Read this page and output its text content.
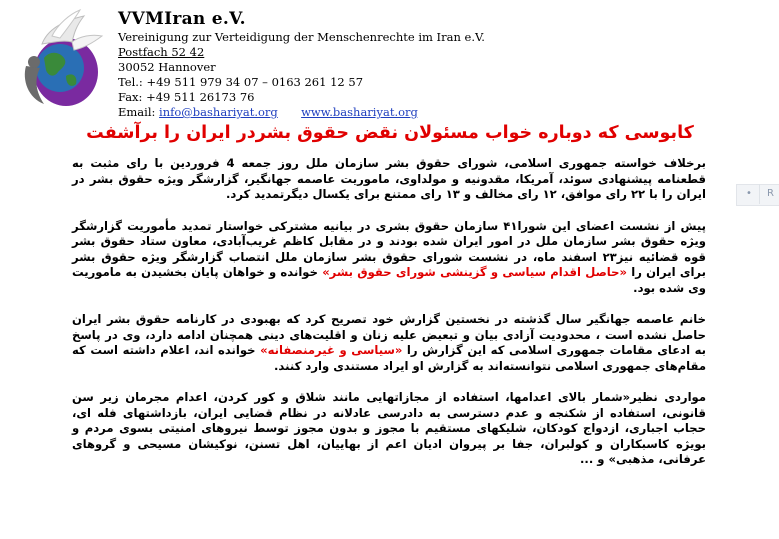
VVMIran e.V.
Vereinigung zur Verteidigung der Menschenrechte im Iran e.V.
Postfach 52 42
30052 Hannover
Tel.: +49 511 979 34 07 – 0163 261 12 57
Fax: +49 511 26173 76
Email: info@bashariyat.org www.bashariyat.org
کابوسی که دوباره خواب مسئولان نقض حقوق بشردر ایران را برآشفت

برخلاف خواسته جمهوری اسلامی، شورای حقوق بشر سازمان ملل روز جمعه 4 فروردین با رای مثبت به قطعنامه پیشنهادی سوئد، آمریکا، مقدونیه و مولداوی، ماموریت عاصمه جهانگیر، گزارشگر ویژه حقوق بشر در ایران را با ۲۲ رای موافق، ۱۲ رای مخالف و ۱۳ رای ممتنع برای یکسال دیگرتمدید کرد.

پیش از نشست اعضای این شورا۴۱ سازمان حقوق بشری در بیانیه مشترکی خواستار تمدید مأموریت گزارشگر ویژه حقوق بشر سازمان ملل در امور ایران شده بودند و در مقابل کاظم غریب‌آبادی، معاون ستاد حقوق بشر قوه قضائیه نیز۲۳ اسفند ماه، در نشست شورای حقوق بشر سازمان ملل انتصاب گزارشگر ویژه حقوق بشر برای ایران را «حاصل اقدام سیاسی و گزینشی شورای حقوق بشر» خوانده و خواهان پایان بخشیدن به ماموریت وی شده بود.

خانم عاصمه جهانگیر سال گذشته در نخستین گزارش خود تصریح کرد که بهبودی در کارنامه حقوق بشر ایران حاصل نشده است ، محدودیت آزادی بیان و تبعیض علیه زنان و اقلیت‌های دینی همچنان ادامه دارد، وی در پاسخ به ادعای مقامات جمهوری اسلامی که این گزارش را «سیاسی و غیرمنصفانه» خوانده اند، اعلام داشته است که مقام‌های جمهوری اسلامی نتوانسته‌اند به گزارش او ایراد مستندی وارد کنند.

مواردی نظیر«شمار بالای اعدامها، استفاده از مجازاتهایی مانند شلاق و کور کردن، اعدام مجرمان زیر سن قانونی، استفاده از شکنجه و عدم دسترسی به دادرسی عادلانه در نظام قضایی ایران، بازداشتهای فله ای، حجاب اجباری، ازدواج کودکان، شلیکهای مستقیم با مجوز و بدون مجوز توسط نیروهای امنیتی بسوی مردم و بویژه کاسبکاران و کولبران، جفا بر پیروان ادیان اعم از بهاییان، اهل تسنن، نوکیشان مسیحی و گروهای عرفانی، مذهبی» و ...

• R
